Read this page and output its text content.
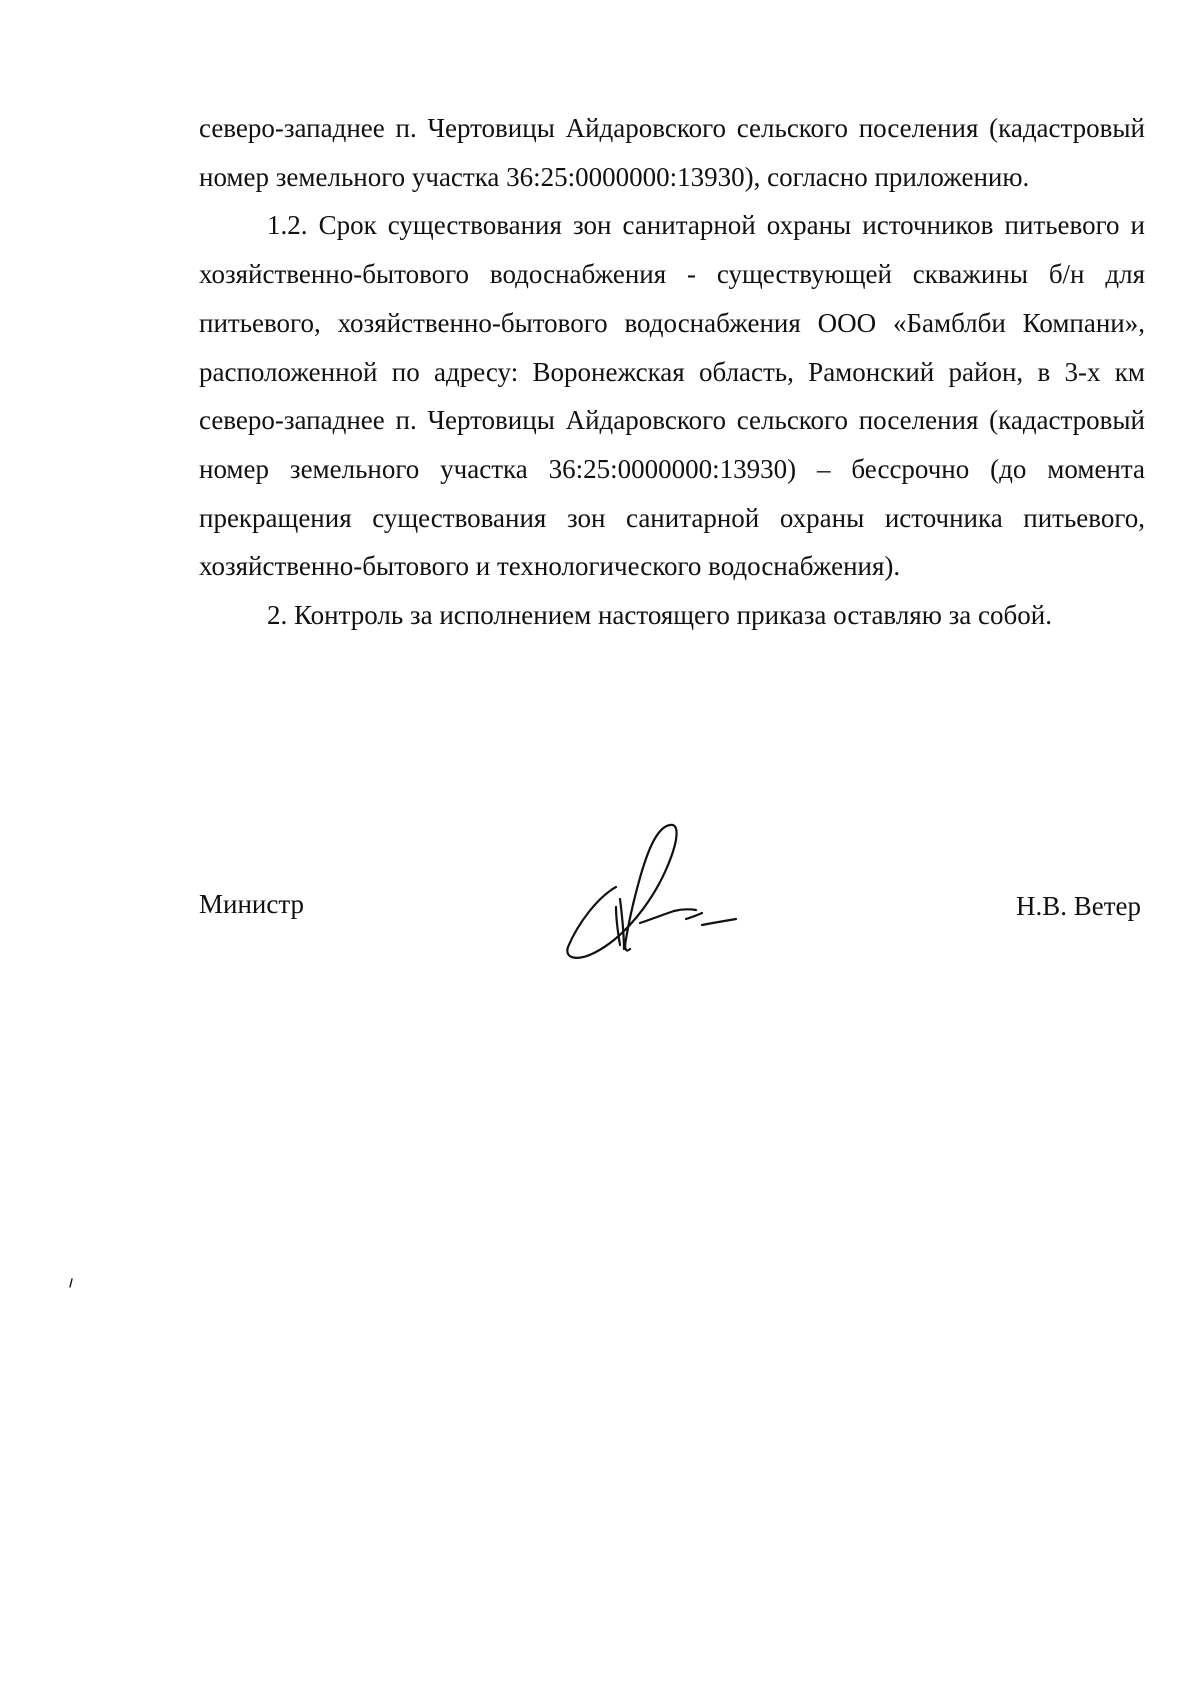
северо-западнее п. Чертовицы Айдаровского сельского поселения (кадастровый номер земельного участка 36:25:0000000:13930), согласно приложению.

1.2. Срок существования зон санитарной охраны источников питьевого и хозяйственно-бытового водоснабжения - существующей скважины б/н для питьевого, хозяйственно-бытового водоснабжения ООО «Бамблби Компани», расположенной по адресу: Воронежская область, Рамонский район, в 3-х км северо-западнее п. Чертовицы Айдаровского сельского поселения (кадастровый номер земельного участка 36:25:0000000:13930) – бессрочно (до момента прекращения существования зон санитарной охраны источника питьевого, хозяйственно-бытового и технологического водоснабжения).

2. Контроль за исполнением настоящего приказа оставляю за собой.

Министр	Н.В. Ветер
